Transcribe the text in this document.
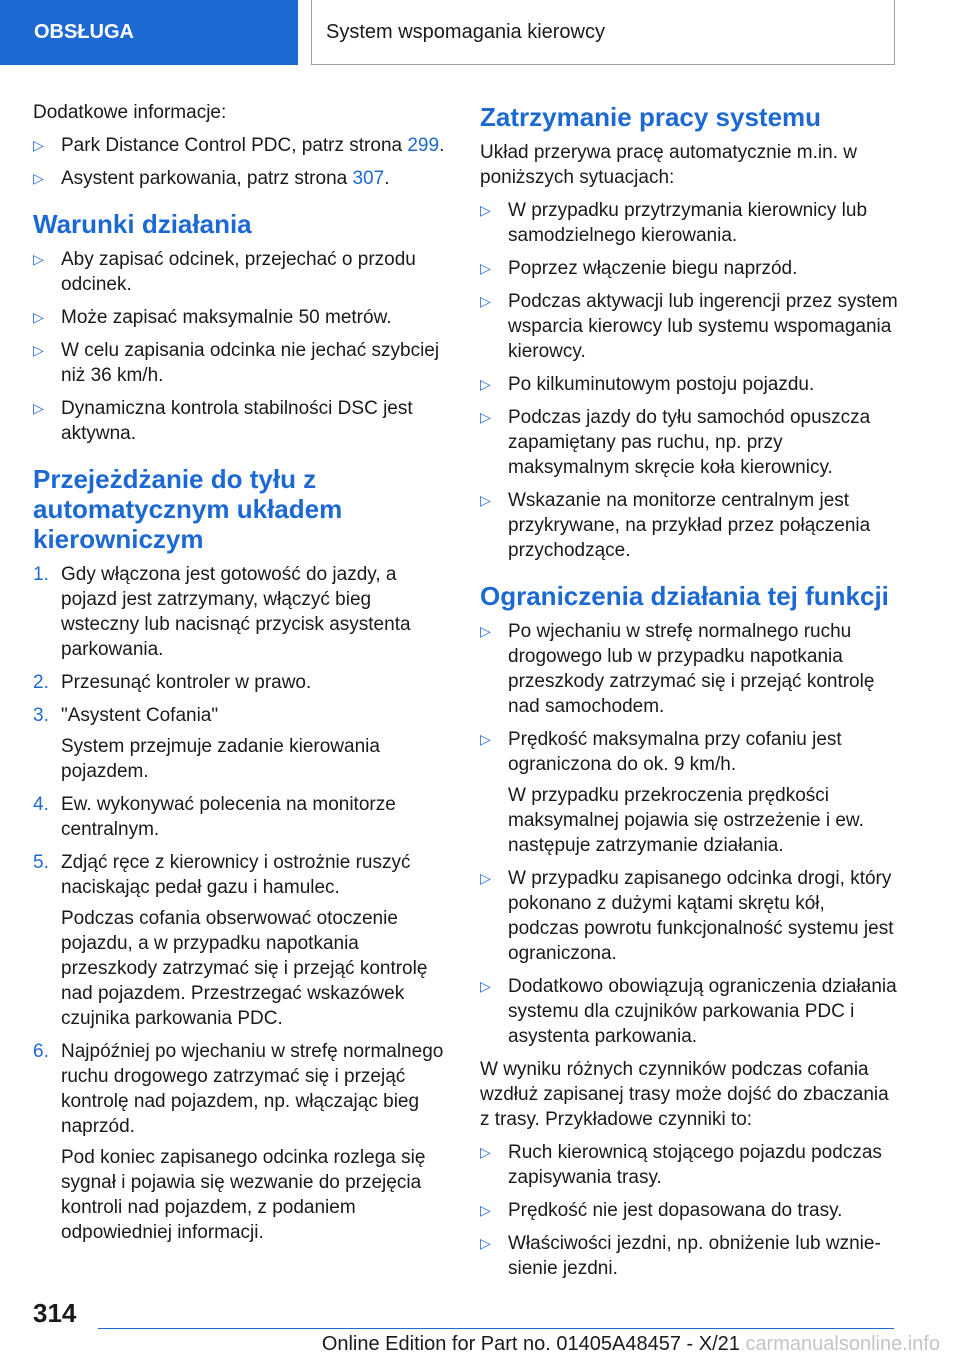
OBSŁUGA	System wspomagania kierowcy

Dodatkowe informacje:

▷ Park Distance Control PDC, patrz strona 299.
▷ Asystent parkowania, patrz strona 307.
Warunki działania
▷ Aby zapisać odcinek, przejechać o przodu odcinek.
▷ Może zapisać maksymalnie 50 metrów.
▷ W celu zapisania odcinka nie jechać szybciej niż 36 km/h.
▷ Dynamiczna kontrola stabilności DSC jest aktywna.
Przejeżdżanie do tyłu z automatycznym układem kierowniczym
1. Gdy włączona jest gotowość do jazdy, a pojazd jest zatrzymany, włączyć bieg wsteczny lub nacisnąć przycisk asystenta parkowania.
2. Przesunąć kontroler w prawo.
3. "Asystent Cofania"
System przejmuje zadanie kierowania pojazdem.
4. Ew. wykonywać polecenia na monitorze centralnym.
5. Zdjąć ręce z kierownicy i ostrożnie ruszyć naciskając pedał gazu i hamulec.
Podczas cofania obserwować otoczenie pojazdu, a w przypadku napotkania przeszkody zatrzymać się i przejąć kontrolę nad pojazdem. Przestrzegać wskazówek czujnika parkowania PDC.
6. Najpóźniej po wjechaniu w strefę normalnego ruchu drogowego zatrzymać się i przejąć kontrolę nad pojazdem, np. włączając bieg naprzód.
Pod koniec zapisanego odcinka rozlega się sygnał i pojawia się wezwanie do przejęcia kontroli nad pojazdem, z podaniem odpowiedniej informacji.
Zatrzymanie pracy systemu

Układ przerywa pracę automatycznie m.in. w poniższych sytuacjach:

▷ W przypadku przytrzymania kierownicy lub samodzielnego kierowania.
▷ Poprzez włączenie biegu naprzód.
▷ Podczas aktywacji lub ingerencji przez system wsparcia kierowcy lub systemu wspomagania kierowcy.
▷ Po kilkuminutowym postoju pojazdu.
▷ Podczas jazdy do tyłu samochód opuszcza zapamiętany pas ruchu, np. przy maksymalnym skręcie koła kierownicy.
▷ Wskazanie na monitorze centralnym jest przykrywane, na przykład przez połączenia przychodzące.
Ograniczenia działania tej funkcji
▷ Po wjechaniu w strefę normalnego ruchu drogowego lub w przypadku napotkania przeszkody zatrzymać się i przejąć kontrolę nad samochodem.
▷ Prędkość maksymalna przy cofaniu jest ograniczona do ok. 9 km/h.
W przypadku przekroczenia prędkości maksymalnej pojawia się ostrzeżenie i ew. następuje zatrzymanie działania.
▷ W przypadku zapisanego odcinka drogi, który pokonano z dużymi kątami skrętu kół, podczas powrotu funkcjonalność systemu jest ograniczona.
▷ Dodatkowo obowiązują ograniczenia działania systemu dla czujników parkowania PDC i asystenta parkowania.

W wyniku różnych czynników podczas cofania wzdłuż zapisanej trasy może dojść do zbaczania z trasy. Przykładowe czynniki to:

▷ Ruch kierownicą stojącego pojazdu podczas zapisywania trasy.
▷ Prędkość nie jest dopasowana do trasy.
▷ Właściwości jezdni, np. obniżenie lub wzniesienie jezdni.
314
Online Edition for Part no. 01405A48457 - X/21 carmanualsonline.info
